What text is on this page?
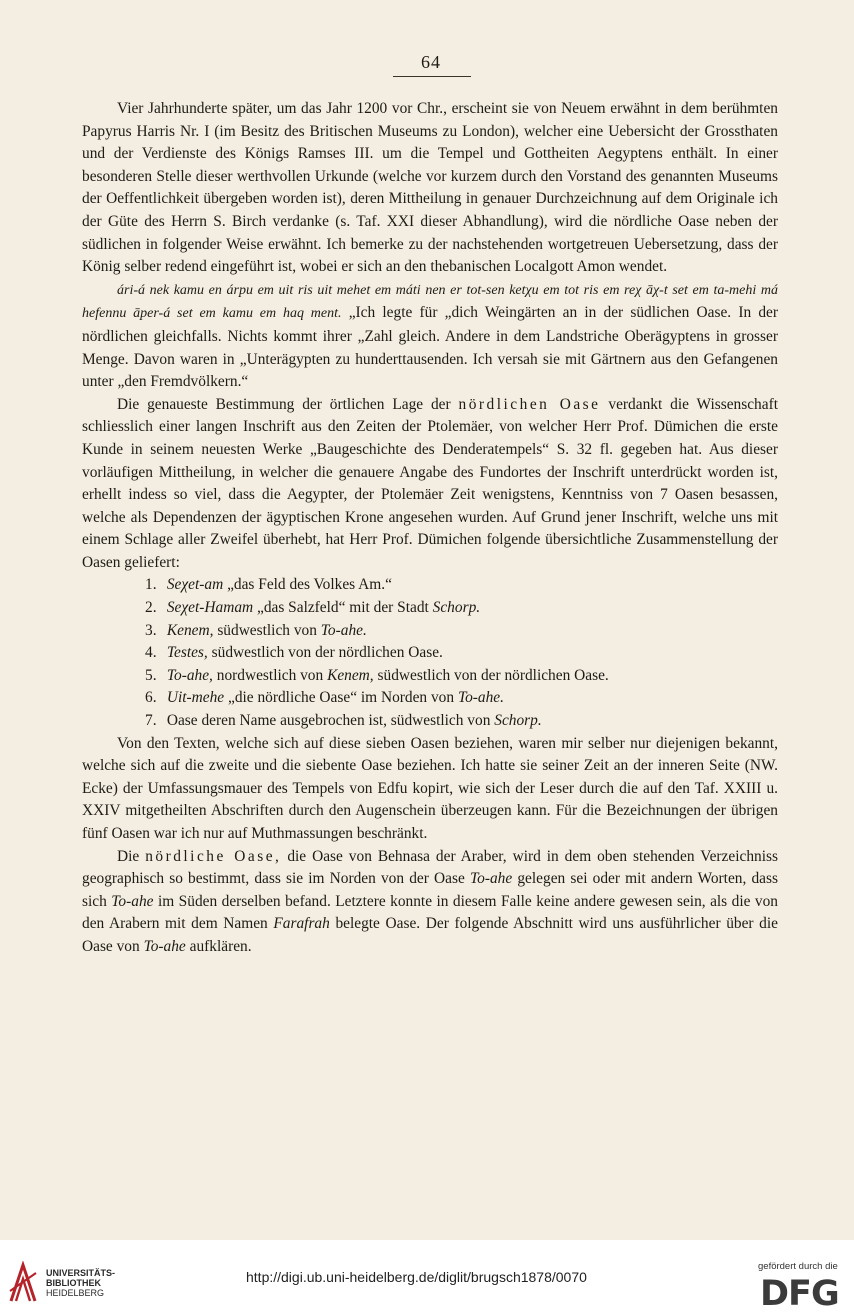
64

Vier Jahrhunderte später, um das Jahr 1200 vor Chr., erscheint sie von Neuem erwähnt in dem berühmten Papyrus Harris Nr. I (im Besitz des Britischen Museums zu London), welcher eine Uebersicht der Grossthaten und der Verdienste des Königs Ramses III. um die Tempel und Gottheiten Aegyptens enthält. In einer besonderen Stelle dieser werthvollen Urkunde (welche vor kurzem durch den Vorstand des genannten Museums der Oeffentlichkeit übergeben worden ist), deren Mittheilung in genauer Durchzeichnung auf dem Originale ich der Güte des Herrn S. Birch verdanke (s. Taf. XXI dieser Abhandlung), wird die nördliche Oase neben der südlichen in folgender Weise erwähnt. Ich bemerke zu der nachstehenden wortgetreuen Uebersetzung, dass der König selber redend eingeführt ist, wobei er sich an den thebanischen Localgott Amon wendet.

ári-á nek kamu en árpu em uit ris uit mehet em máti nen er tot-sen ketχu em tot ris em reχ āχ-t set em ta-mehi má hefennu āper-á set em kamu em haq ment. „Ich legte für „dich Weingärten an in der südlichen Oase. In der nördlichen gleichfalls. Nichts kommt ihrer „Zahl gleich. Andere in dem Landstriche Oberägyptens in grosser Menge. Davon waren in „Unterägypten zu hunderttausenden. Ich versah sie mit Gärtnern aus den Gefangenen unter „den Fremdvölkern.“

Die genaueste Bestimmung der örtlichen Lage der nördlichen Oase verdankt die Wissenschaft schliesslich einer langen Inschrift aus den Zeiten der Ptolemäer, von welcher Herr Prof. Dümichen die erste Kunde in seinem neuesten Werke „Baugeschichte des Denderatempels“ S. 32 fl. gegeben hat. Aus dieser vorläufigen Mittheilung, in welcher die genauere Angabe des Fundortes der Inschrift unterdrückt worden ist, erhellt indess so viel, dass die Aegypter, der Ptolemäer Zeit wenigstens, Kenntniss von 7 Oasen besassen, welche als Dependenzen der ägyptischen Krone angesehen wurden. Auf Grund jener Inschrift, welche uns mit einem Schlage aller Zweifel überhebt, hat Herr Prof. Dümichen folgende übersichtliche Zusammenstellung der Oasen geliefert:

1. Seχet-am „das Feld des Volkes Am.“
2. Seχet-Hamam „das Salzfeld“ mit der Stadt Schorp.
3. Kenem, südwestlich von To-ahe.
4. Testes, südwestlich von der nördlichen Oase.
5. To-ahe, nordwestlich von Kenem, südwestlich von der nördlichen Oase.
6. Uit-mehe „die nördliche Oase“ im Norden von To-ahe.
7. Oase deren Name ausgebrochen ist, südwestlich von Schorp.

Von den Texten, welche sich auf diese sieben Oasen beziehen, waren mir selber nur diejenigen bekannt, welche sich auf die zweite und die siebente Oase beziehen. Ich hatte sie seiner Zeit an der inneren Seite (NW. Ecke) der Umfassungsmauer des Tempels von Edfu kopirt, wie sich der Leser durch die auf den Taf. XXIII u. XXIV mitgetheilten Abschriften durch den Augenschein überzeugen kann. Für die Bezeichnungen der übrigen fünf Oasen war ich nur auf Muthmassungen beschränkt.

Die nördliche Oase, die Oase von Behnasa der Araber, wird in dem oben stehenden Verzeichniss geographisch so bestimmt, dass sie im Norden von der Oase To-ahe gelegen sei oder mit andern Worten, dass sich To-ahe im Süden derselben befand. Letztere konnte in diesem Falle keine andere gewesen sein, als die von den Arabern mit dem Namen Farafrah belegte Oase. Der folgende Abschnitt wird uns ausführlicher über die Oase von To-ahe aufklären.

UNIVERSITÄTS-
BIBLIOTHEK
HEIDELBERG
http://digi.ub.uni-heidelberg.de/diglit/brugsch1878/0070
gefördert durch die
DFG
